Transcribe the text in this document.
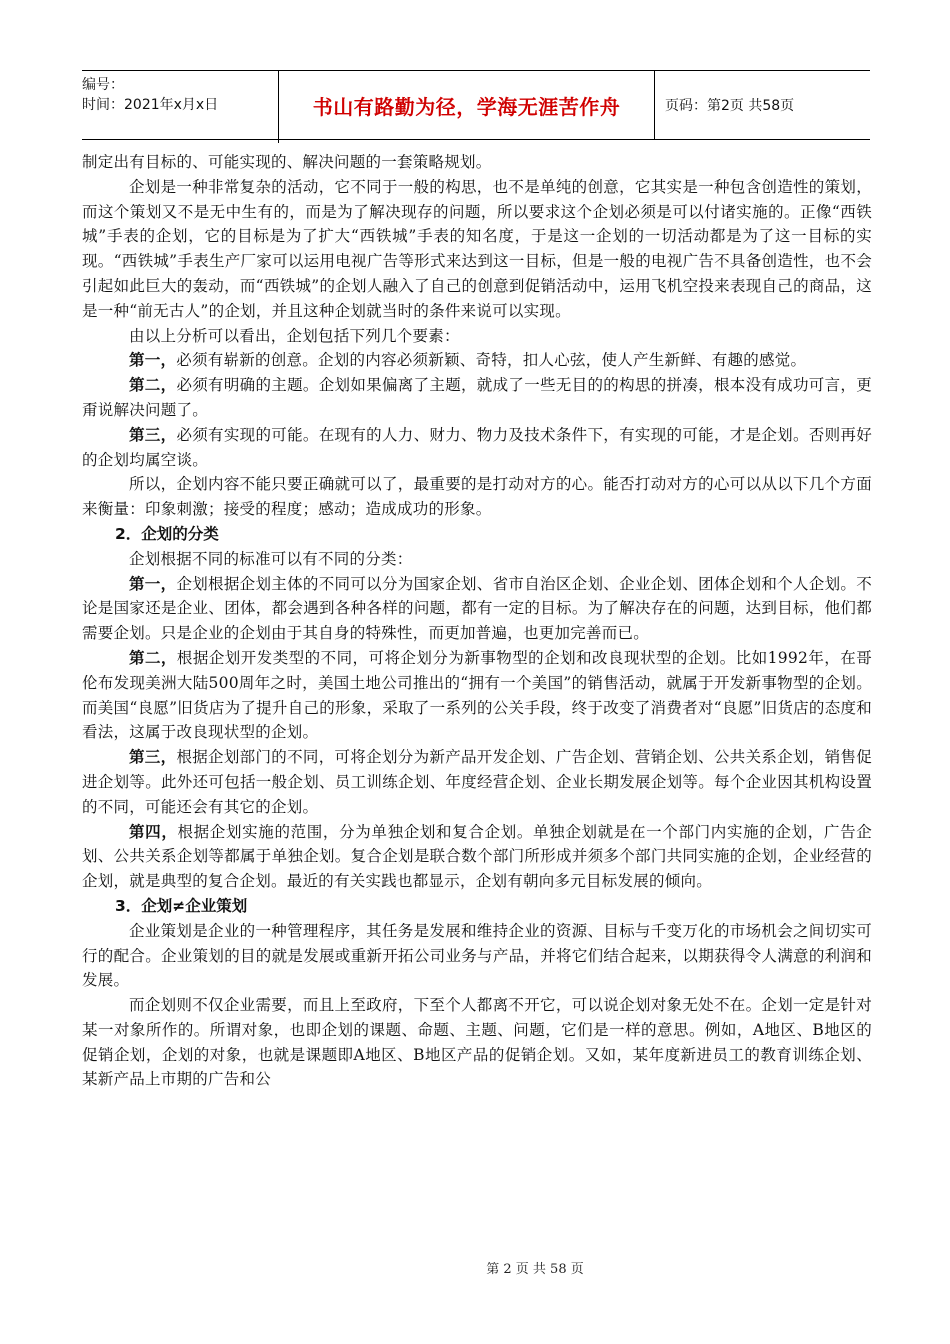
编号：
时间：2021年x月x日	书山有路勤为径，学海无涯苦作舟	页码：第2页 共58页

制定出有目标的、可能实现的、解决问题的一套策略规划。

企划是一种非常复杂的活动，它不同于一般的构思，也不是单纯的创意，它其实是一种包含创造性的策划，而这个策划又不是无中生有的，而是为了解决现存的问题，所以要求这个企划必须是可以付诸实施的。正像“西铁城”手表的企划，它的目标是为了扩大“西铁城”手表的知名度，于是这一企划的一切活动都是为了这一目标的实现。“西铁城”手表生产厂家可以运用电视广告等形式来达到这一目标，但是一般的电视广告不具备创造性，也不会引起如此巨大的轰动，而“西铁城”的企划人融入了自己的创意到促销活动中，运用飞机空投来表现自己的商品，这是一种“前无古人”的企划，并且这种企划就当时的条件来说可以实现。

由以上分析可以看出，企划包括下列几个要素：

第一，必须有崭新的创意。企划的内容必须新颖、奇特，扣人心弦，使人产生新鲜、有趣的感觉。

第二，必须有明确的主题。企划如果偏离了主题，就成了一些无目的的构思的拼凑，根本没有成功可言，更甭说解决问题了。

第三，必须有实现的可能。在现有的人力、财力、物力及技术条件下，有实现的可能，才是企划。否则再好的企划均属空谈。

所以，企划内容不能只要正确就可以了，最重要的是打动对方的心。能否打动对方的心可以从以下几个方面来衡量：印象刺激；接受的程度；感动；造成成功的形象。

2．企划的分类

企划根据不同的标准可以有不同的分类：

第一，企划根据企划主体的不同可以分为国家企划、省市自治区企划、企业企划、团体企划和个人企划。不论是国家还是企业、团体，都会遇到各种各样的问题，都有一定的目标。为了解决存在的问题，达到目标，他们都需要企划。只是企业的企划由于其自身的特殊性，而更加普遍，也更加完善而已。

第二，根据企划开发类型的不同，可将企划分为新事物型的企划和改良现状型的企划。比如1992年，在哥伦布发现美洲大陆500周年之时，美国土地公司推出的“拥有一个美国”的销售活动，就属于开发新事物型的企划。而美国“良愿”旧货店为了提升自己的形象，采取了一系列的公关手段，终于改变了消费者对“良愿”旧货店的态度和看法，这属于改良现状型的企划。

第三，根据企划部门的不同，可将企划分为新产品开发企划、广告企划、营销企划、公共关系企划，销售促进企划等。此外还可包括一般企划、员工训练企划、年度经营企划、企业长期发展企划等。每个企业因其机构设置的不同，可能还会有其它的企划。

第四，根据企划实施的范围，分为单独企划和复合企划。单独企划就是在一个部门内实施的企划，广告企划、公共关系企划等都属于单独企划。复合企划是联合数个部门所形成并须多个部门共同实施的企划，企业经营的企划，就是典型的复合企划。最近的有关实践也都显示，企划有朝向多元目标发展的倾向。

3．企划≠企业策划

企业策划是企业的一种管理程序，其任务是发展和维持企业的资源、目标与千变万化的市场机会之间切实可行的配合。企业策划的目的就是发展或重新开拓公司业务与产品，并将它们结合起来，以期获得令人满意的利润和发展。

而企划则不仅企业需要，而且上至政府，下至个人都离不开它，可以说企划对象无处不在。企划一定是针对某一对象所作的。所谓对象，也即企划的课题、命题、主题、问题，它们是一样的意思。例如，A地区、B地区的促销企划，企划的对象，也就是课题即A地区、B地区产品的促销企划。又如，某年度新进员工的教育训练企划、某新产品上市期的广告和公

第 2 页 共 58 页
